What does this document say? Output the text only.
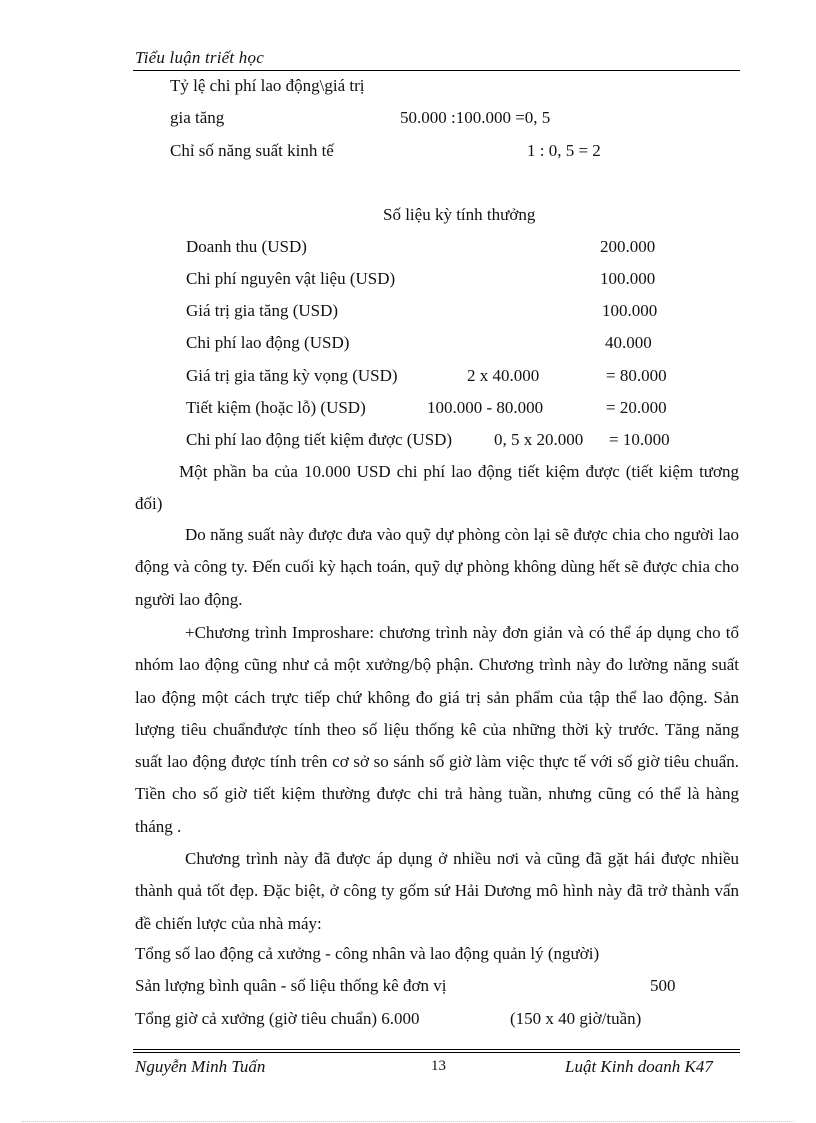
Tiểu luận triết học
Tỷ lệ chi phí lao động\giá trị
gia tăng	50.000 :100.000 =0, 5
Chỉ số năng suất kinh tế	1 : 0, 5 = 2
Số liệu kỳ tính thưởng
Doanh thu (USD)	200.000
Chi phí nguyên vật liệu (USD)	100.000
Giá trị gia tăng (USD)	100.000
Chi phí lao động (USD)	40.000
Giá trị gia tăng kỳ vọng (USD)	2 x 40.000	= 80.000
Tiết kiệm (hoặc lỗ) (USD)	100.000 - 80.000	= 20.000
Chi phí lao động tiết kiệm được (USD) 0, 5 x 20.000 = 10.000
Một phần ba của 10.000 USD chi phí lao động tiết kiệm được (tiết kiệm tương đối)
Do năng suất này được đưa vào quỹ dự phòng còn lại sẽ được chia cho người lao động và công ty. Đến cuối kỳ hạch toán, quỹ dự phòng không dùng hết sẽ được chia cho người lao động.
+Chương trình Improshare: chương trình này đơn giản và có thể áp dụng cho tổ nhóm lao động cũng như cả một xưởng/bộ phận. Chương trình này đo lường năng suất lao động một cách trực tiếp chứ không đo giá trị sản phẩm của tập thể lao động. Sản lượng tiêu chuẩnđược tính theo số liệu thống kê của những thời kỳ trước. Tăng năng suất lao động được tính trên cơ sở so sánh số giờ làm việc thực tế với số giờ tiêu chuẩn. Tiền cho số giờ tiết kiệm thường được chi trả hàng tuần, nhưng cũng có thể là hàng tháng .
Chương trình này đã được áp dụng ở nhiều nơi và cũng đã gặt hái được nhiều thành quả tốt đẹp. Đặc biệt, ở công ty gốm sứ Hải Dương mô hình này đã trở thành vấn đề chiến lược của nhà máy:
Tổng số lao động cả xưởng - công nhân và lao động quản lý (người)
Sản lượng bình quân - số liệu thống kê đơn vị	500
Tổng giờ cả xưởng (giờ tiêu chuẩn) 6.000	(150 x 40 giờ/tuần)
Nguyễn Minh Tuấn	13	Luật Kinh doanh K47
